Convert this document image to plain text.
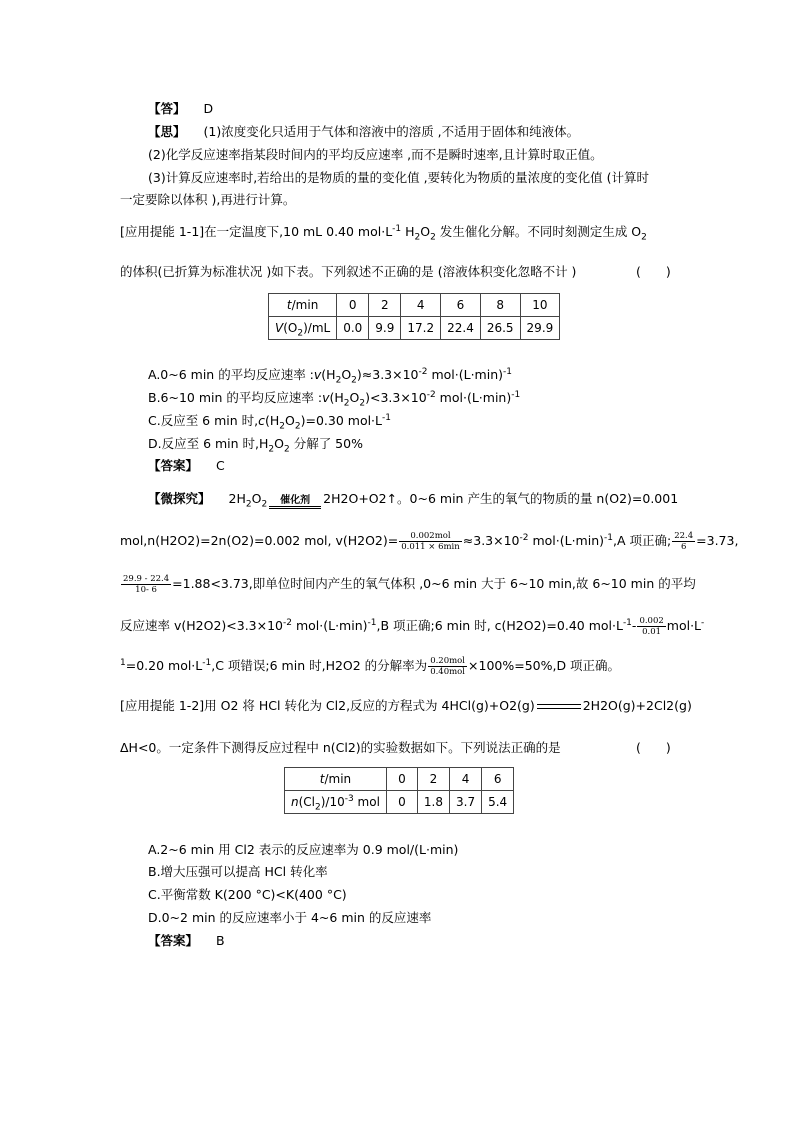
【答】 D
【思】 (1)浓度变化只适用于气体和溶液中的溶质 ,不适用于固体和纯液体。
(2)化学反应速率指某段时间内的平均反应速率 ,而不是瞬时速率,且计算时取正值。
(3)计算反应速率时,若给出的是物质的量的变化值 ,要转化为物质的量浓度的变化值 (计算时
一定要除以体积 ),再进行计算。
[应用提能 1-1]在一定温度下,10 mL 0.40 $mol\cdot L^{-1}$ $H_2O_2$ 发生催化分解。不同时刻测定生成 $O_2$
的体积(已折算为标准状况 )如下表。下列叙述不正确的是 (溶液体积变化忽略不计 )	(　　)
t/min	0	2	4	6	8	10
$V(O_2)/mL$	0.0	9.9	17.2	22.4	26.5	29.9
A.0~6 min 的平均反应速率 $:v(H_2O_2)\approx 3.3\times 10^{-2}$ $mol\cdot(L\cdot\min)^{-1}$
B.6~10 min 的平均反应速率 $:v(H_2O_2)<3.3\times 10^{-2}$ $mol\cdot(L\cdot\min)^{-1}$
C.反应至 6 min 时$,c(H_2O_2)=0.30$ $mol\cdot L^{-1}$
D.反应至 6 min 时$,H_2O_2$ 分解了 50%
【答案】 C
【微探究】 $2H_2O_2$	催化剂	2H2O+O2↑。0~6 min 产生的氧气的物质的量 n(O2)=0.001
mol,n(H2O2)=2n(O2)=0.002 mol, $v(H2O2)= \frac{\text{0.002mol}}{0.011 \times 6\min} \approx 3.3\times 10^{-2}$ $mol\cdot(L\cdot\min)^{-1},A$ 项正确; $\frac{22.4}{6} =3.73$,
$\frac{29.9 - 22.4}{10- 6} =1.88<3.73$,即单位时间内产生的氧气体积 ,0~6 min 大于 6~10 min,故 6~10 min 的平均
反应速率 $v(H2O2)<3.3\times 10^{-2}$ $mol\cdot(L\cdot\min)^{-1},B$ 项正确;6 min 时, c(H2O2)=0.40 $mol\cdot L^{-1}- \frac{0.002}{0.01} mol\cdot L^-$
$^1$=0.20 $mol\cdot L^{-1},C$ 项错误;6 min 时,H2O2 的分解率为 $\frac{\text{0.20mol}}{\text{0.40mol}} \times 100\%=50\%,D$ 项正确。
[应用提能 1-2]用 O2 将 HCl 转化为 Cl2,反应的方程式为 4HCl(g)+O2(g)	2H2O(g)+2Cl2(g)
ΔH<0。一定条件下测得反应过程中 n(Cl2)的实验数据如下。下列说法正确的是	(　　)
t/min	0	2	4	6
$n(Cl_2)/10^{-3}$ mol	0	1.8	3.7	5.4
A.2~6 min 用 Cl2 表示的反应速率为 0.9 mol/(L·min)
B.增大压强可以提高 HCl 转化率
C.平衡常数 K(200 °C)<K(400 °C)
D.0~2 min 的反应速率小于 4~6 min 的反应速率
【答案】 B
